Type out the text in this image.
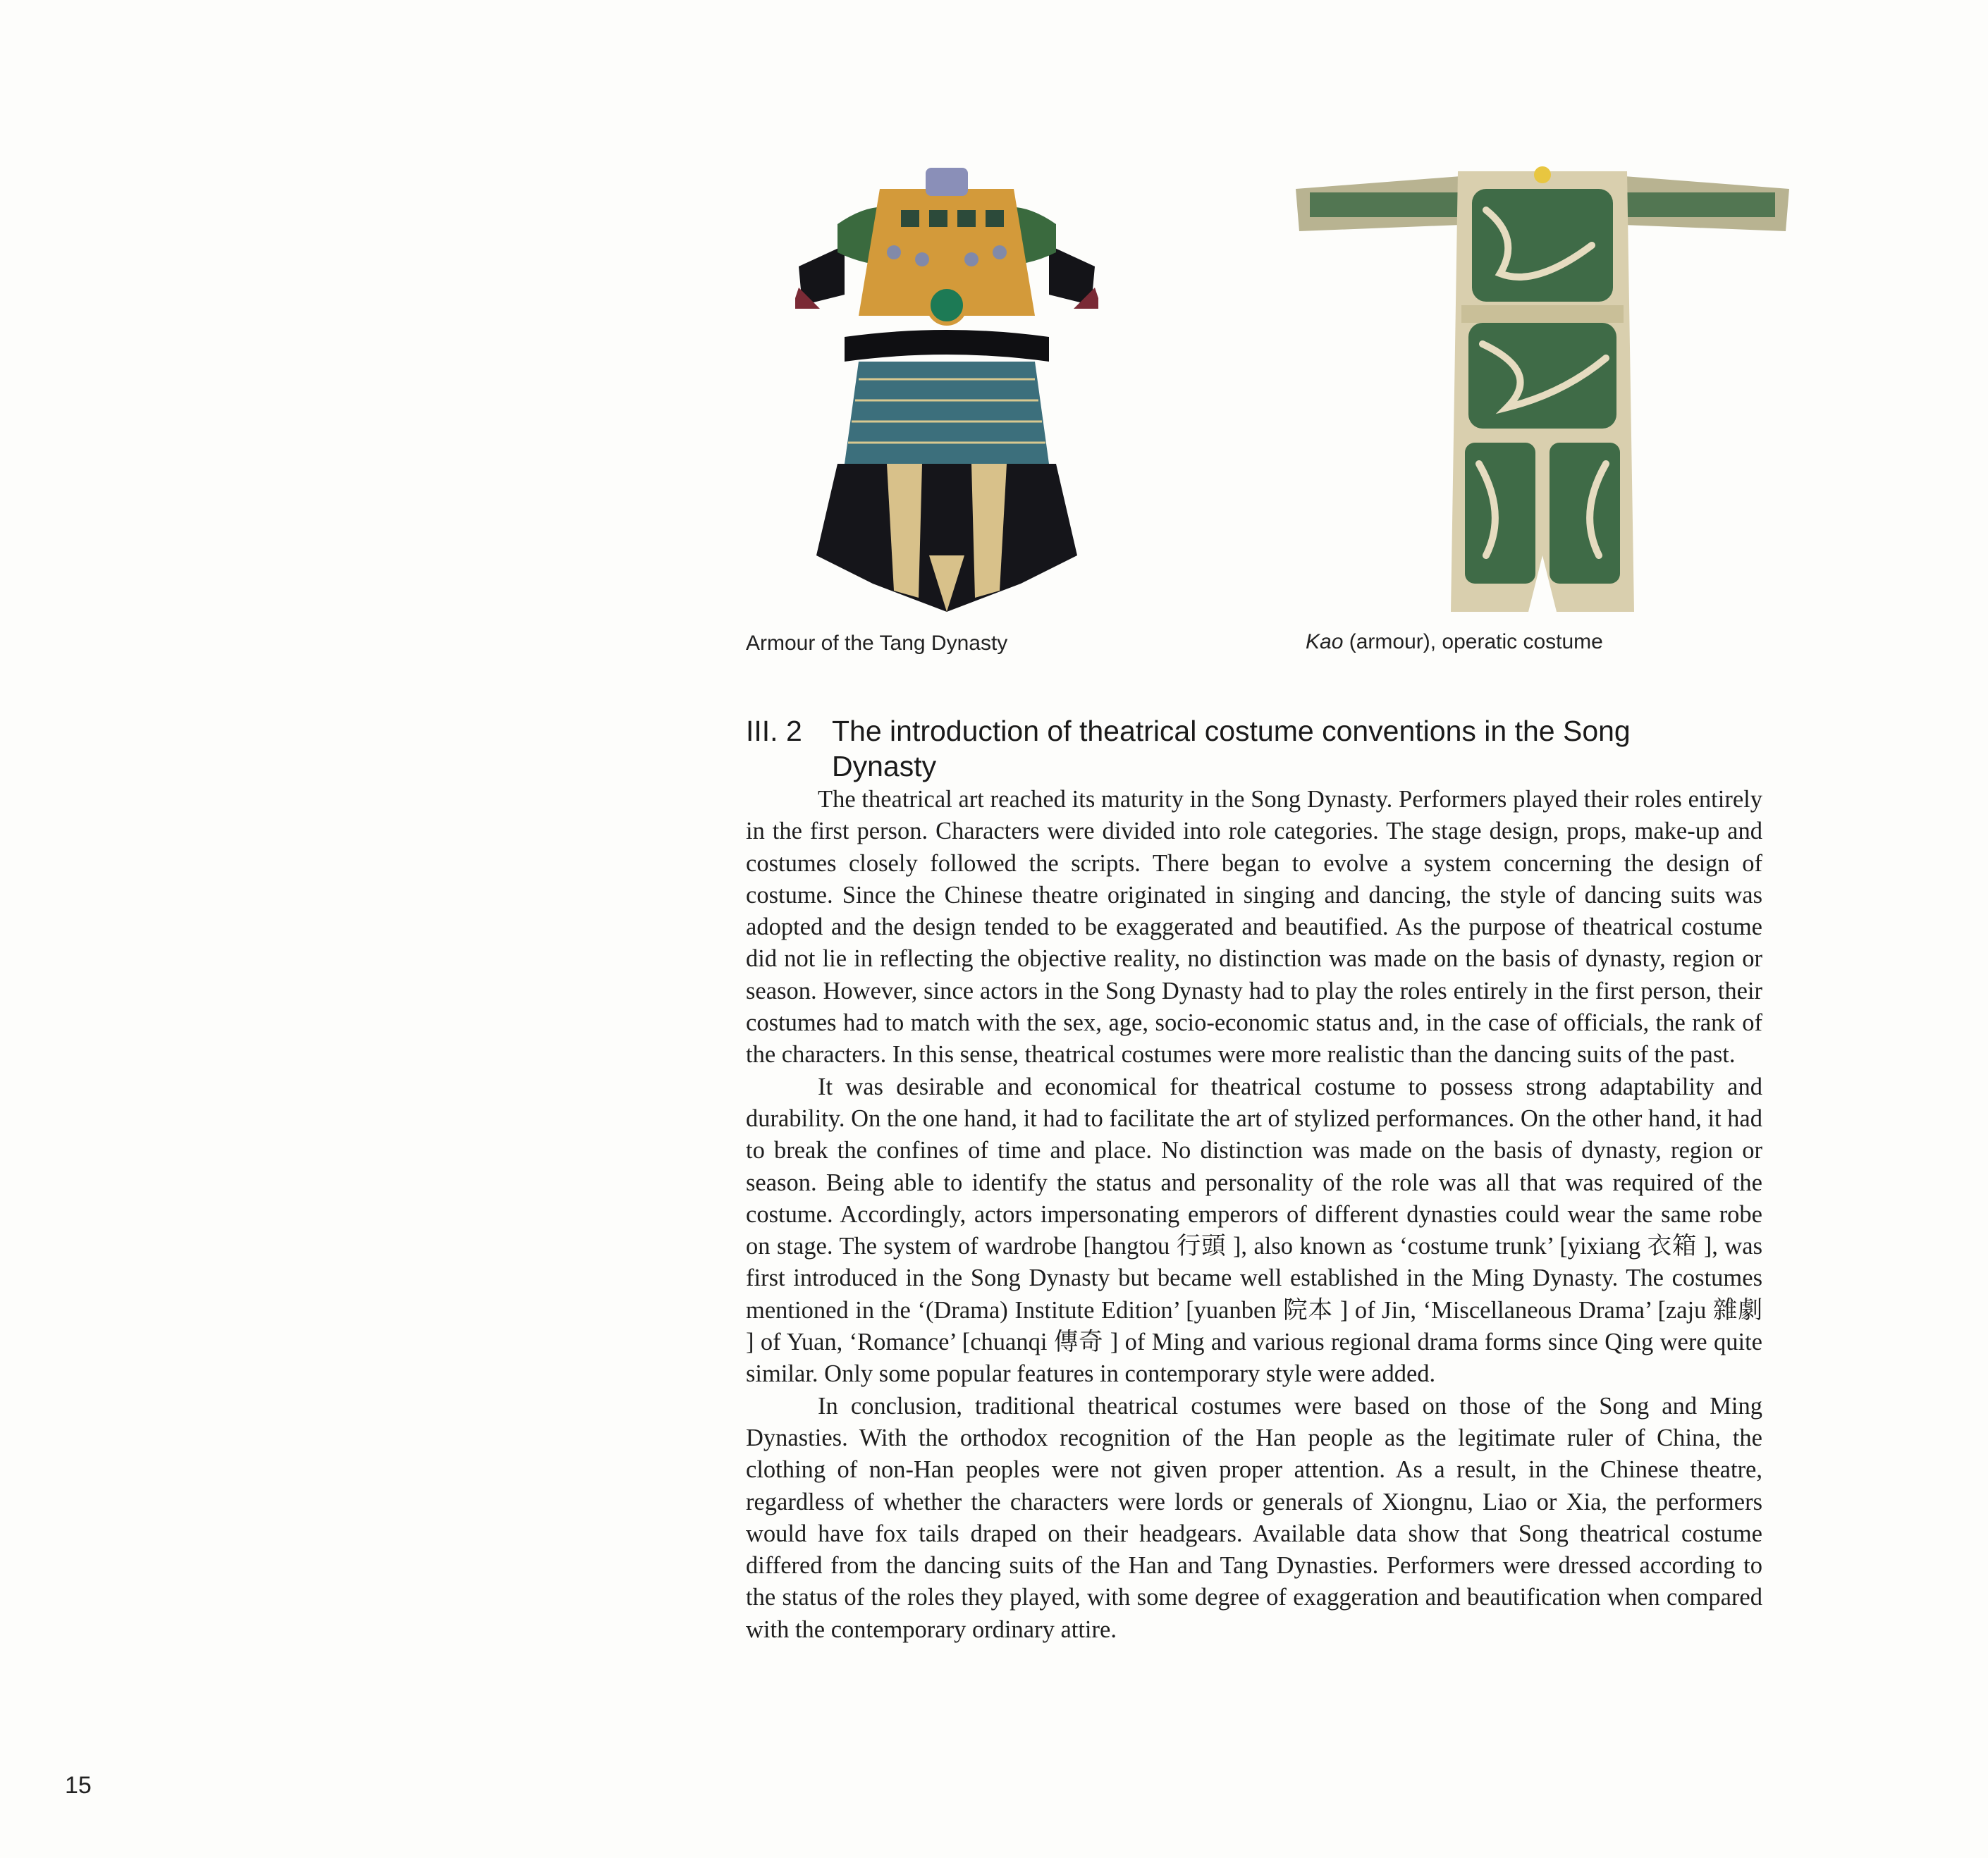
Armour of the Tang Dynasty	Kao (armour), operatic costume
III. 2 The introduction of theatrical costume conventions in the Song
Dynasty

The theatrical art reached its maturity in the Song Dynasty. Performers played their roles entirely in the first person. Characters were divided into role categories. The stage design, props, make-up and costumes closely followed the scripts. There began to evolve a system concerning the design of costume. Since the Chinese theatre originated in singing and dancing, the style of dancing suits was adopted and the design tended to be exaggerated and beautified. As the purpose of theatrical costume did not lie in reflecting the objective reality, no distinction was made on the basis of dynasty, region or season. However, since actors in the Song Dynasty had to play the roles entirely in the first person, their costumes had to match with the sex, age, socio-economic status and, in the case of officials, the rank of the characters. In this sense, theatrical costumes were more realistic than the dancing suits of the past.

It was desirable and economical for theatrical costume to possess strong adaptability and durability. On the one hand, it had to facilitate the art of stylized performances. On the other hand, it had to break the confines of time and place. No distinction was made on the basis of dynasty, region or season. Being able to identify the status and personality of the role was all that was required of the costume. Accordingly, actors impersonating emperors of different dynasties could wear the same robe on stage. The system of wardrobe [hangtou 行頭 ], also known as ‘costume trunk’ [yixiang 衣箱 ], was first introduced in the Song Dynasty but became well established in the Ming Dynasty. The costumes mentioned in the ‘(Drama) Institute Edition’ [yuanben 院本 ] of Jin, ‘Miscellaneous Drama’ [zaju 雜劇 ] of Yuan, ‘Romance’ [chuanqi 傳奇 ] of Ming and various regional drama forms since Qing were quite similar. Only some popular features in contemporary style were added.

In conclusion, traditional theatrical costumes were based on those of the Song and Ming Dynasties. With the orthodox recognition of the Han people as the legitimate ruler of China, the clothing of non-Han peoples were not given proper attention. As a result, in the Chinese theatre, regardless of whether the characters were lords or generals of Xiongnu, Liao or Xia, the performers would have fox tails draped on their headgears. Available data show that Song theatrical costume differed from the dancing suits of the Han and Tang Dynasties. Performers were dressed according to the status of the roles they played, with some degree of exaggeration and beautification when compared with the contemporary ordinary attire.

15
